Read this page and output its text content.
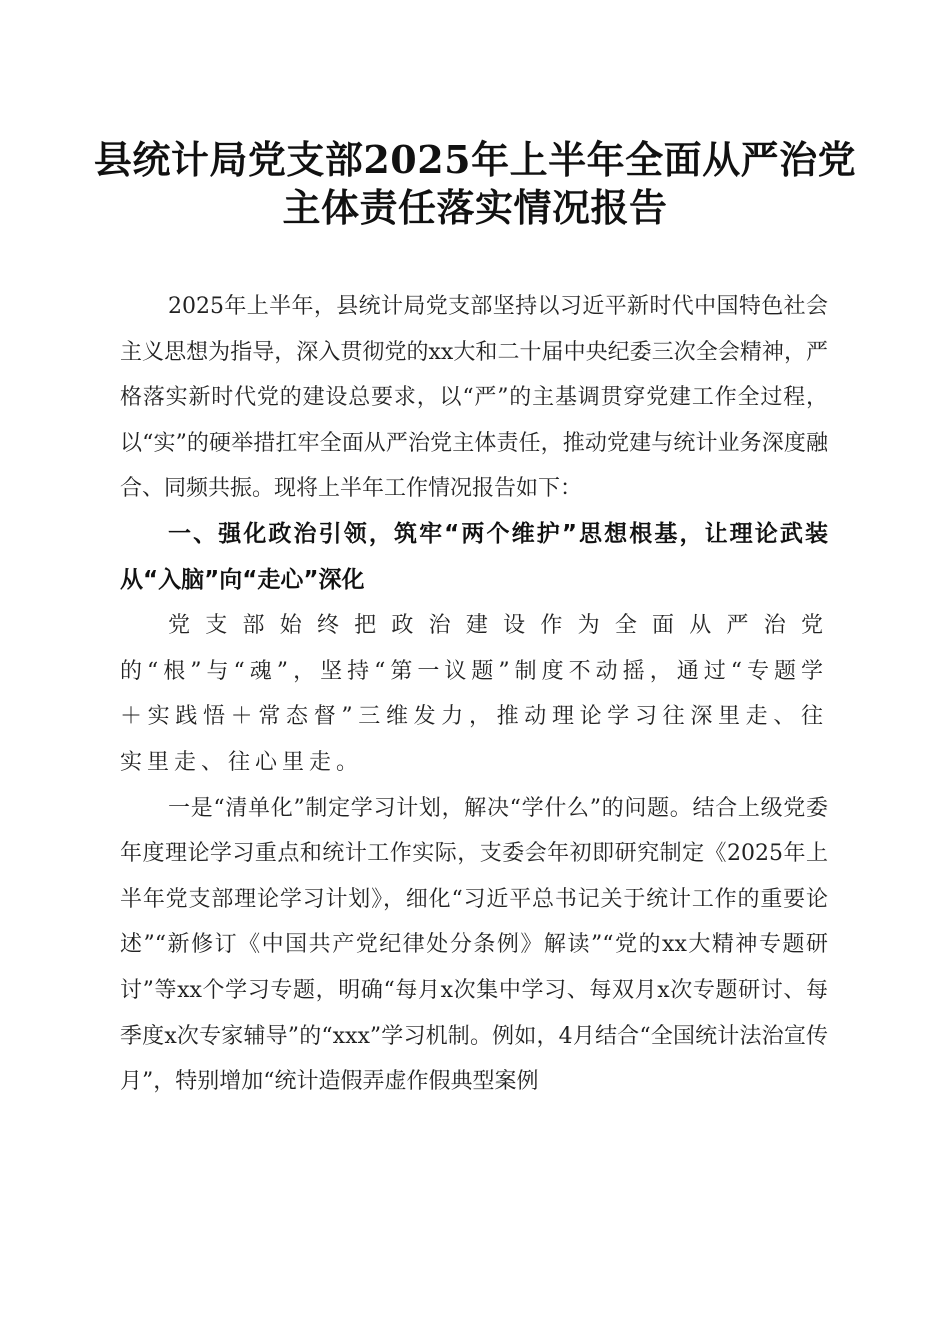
县统计局党支部2025年上半年全面从严治党
主体责任落实情况报告

2025年上半年，县统计局党支部坚持以习近平新时代中国特色社会主义思想为指导，深入贯彻党的xx大和二十届中央纪委三次全会精神，严格落实新时代党的建设总要求，以“严”的主基调贯穿党建工作全过程，以“实”的硬举措扛牢全面从严治党主体责任，推动党建与统计业务深度融合、同频共振。现将上半年工作情况报告如下：

一、强化政治引领，筑牢“两个维护”思想根基，让理论武装从“入脑”向“走心”深化

党支部始终把政治建设作为全面从严治党的“根”与“魂”，坚持“第一议题”制度不动摇，通过“专题学＋实践悟＋常态督”三维发力，推动理论学习往深里走、往实里走、往心里走。

一是“清单化”制定学习计划，解决“学什么”的问题。结合上级党委年度理论学习重点和统计工作实际，支委会年初即研究制定《2025年上半年党支部理论学习计划》，细化“习近平总书记关于统计工作的重要论述”“新修订《中国共产党纪律处分条例》解读”“党的xx大精神专题研讨”等xx个学习专题，明确“每月x次集中学习、每双月x次专题研讨、每季度x次专家辅导”的“xxx”学习机制。例如，4月结合“全国统计法治宣传月”，特别增加“统计造假弄虚作假典型案例
